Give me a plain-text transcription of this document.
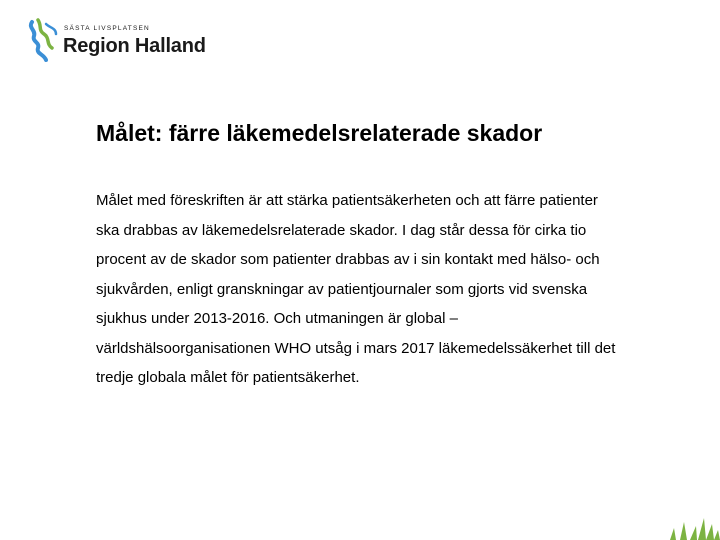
SÄSTA LIVSPLATSEN
Region Halland
Målet: färre läkemedelsrelaterade skador
Målet med föreskriften är att stärka patientsäkerheten och att färre patienter
ska drabbas av läkemedelsrelaterade skador. I dag står dessa för cirka tio
procent av de skador som patienter drabbas av i sin kontakt med hälso- och
sjukvården, enligt granskningar av patientjournaler som gjorts vid svenska
sjukhus under 2013-2016. Och utmaningen är global –
världshälsoorganisationen WHO utsåg i mars 2017 läkemedelssäkerhet till det
tredje globala målet för patientsäkerhet.
